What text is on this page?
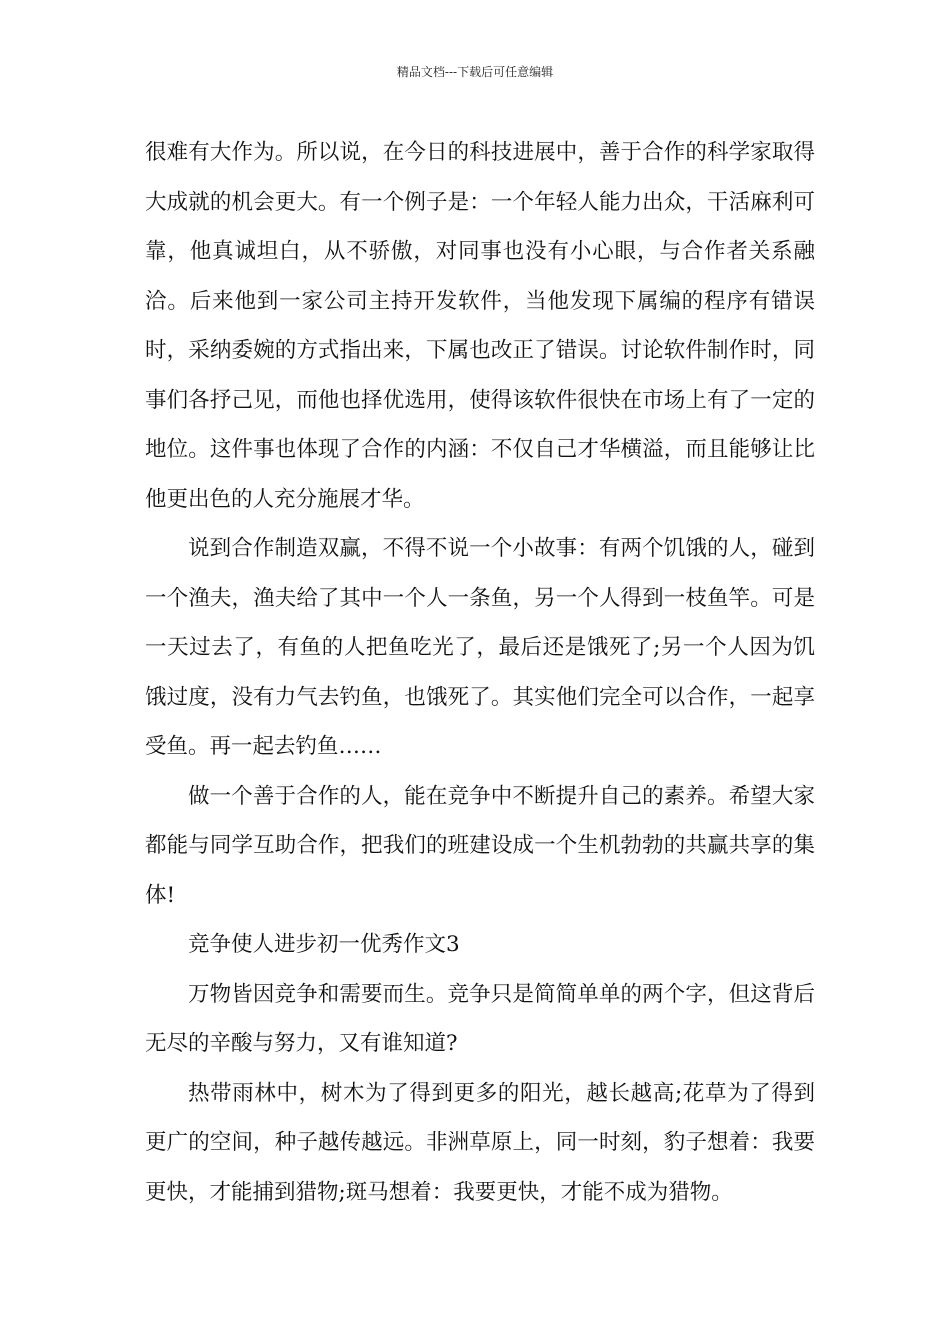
精品文档---下载后可任意编辑

很难有大作为。所以说，在今日的科技进展中，善于合作的科学家取得大成就的机会更大。有一个例子是：一个年轻人能力出众，干活麻利可靠，他真诚坦白，从不骄傲，对同事也没有小心眼，与合作者关系融洽。后来他到一家公司主持开发软件，当他发现下属编的程序有错误时，采纳委婉的方式指出来，下属也改正了错误。讨论软件制作时，同事们各抒己见，而他也择优选用，使得该软件很快在市场上有了一定的地位。这件事也体现了合作的内涵：不仅自己才华横溢，而且能够让比他更出色的人充分施展才华。

说到合作制造双赢，不得不说一个小故事：有两个饥饿的人，碰到一个渔夫，渔夫给了其中一个人一条鱼，另一个人得到一枝鱼竿。可是一天过去了，有鱼的人把鱼吃光了，最后还是饿死了;另一个人因为饥饿过度，没有力气去钓鱼，也饿死了。其实他们完全可以合作，一起享受鱼。再一起去钓鱼……

做一个善于合作的人，能在竞争中不断提升自己的素养。希望大家都能与同学互助合作，把我们的班建设成一个生机勃勃的共赢共享的集体!

竞争使人进步初一优秀作文3

万物皆因竞争和需要而生。竞争只是简简单单的两个字，但这背后无尽的辛酸与努力，又有谁知道?

热带雨林中，树木为了得到更多的阳光，越长越高;花草为了得到更广的空间，种子越传越远。非洲草原上，同一时刻，豹子想着：我要更快，才能捕到猎物;斑马想着：我要更快，才能不成为猎物。
